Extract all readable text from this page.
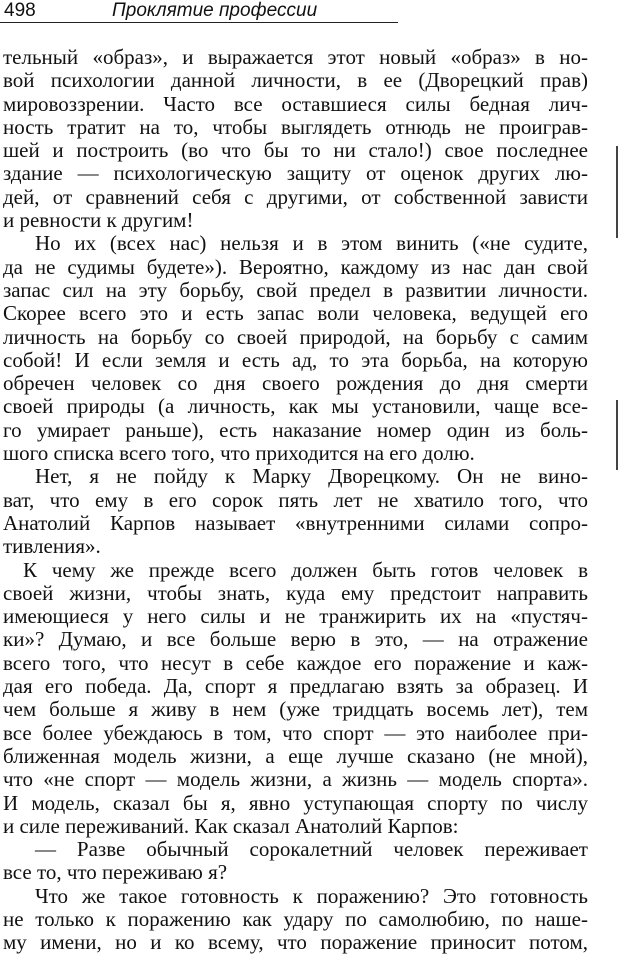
498	Проклятие профессии
тельный «образ», и выражается этот новый «образ» в но-
вой психологии данной личности, в ее (Дворецкий прав)
мировоззрении. Часто все оставшиеся силы бедная лич-
ность тратит на то, чтобы выглядеть отнюдь не проиграв-
шей и построить (во что бы то ни стало!) свое последнее
здание — психологическую защиту от оценок других лю-
дей, от сравнений себя с другими, от собственной зависти
и ревности к другим!
Но их (всех нас) нельзя и в этом винить («не судите,
да не судимы будете»). Вероятно, каждому из нас дан свой
запас сил на эту борьбу, свой предел в развитии личности.
Скорее всего это и есть запас воли человека, ведущей его
личность на борьбу со своей природой, на борьбу с самим
собой! И если земля и есть ад, то эта борьба, на которую
обречен человек со дня своего рождения до дня смерти
своей природы (а личность, как мы установили, чаще все-
го умирает раньше), есть наказание номер один из боль-
шого списка всего того, что приходится на его долю.
Нет, я не пойду к Марку Дворецкому. Он не вино-
ват, что ему в его сорок пять лет не хватило того, что
Анатолий Карпов называет «внутренними силами сопро-
тивления».
К чему же прежде всего должен быть готов человек в
своей жизни, чтобы знать, куда ему предстоит направить
имеющиеся у него силы и не транжирить их на «пустяч-
ки»? Думаю, и все больше верю в это, — на отражение
всего того, что несут в себе каждое его поражение и каж-
дая его победа. Да, спорт я предлагаю взять за образец. И
чем больше я живу в нем (уже тридцать восемь лет), тем
все более убеждаюсь в том, что спорт — это наиболее при-
ближенная модель жизни, а еще лучше сказано (не мной),
что «не спорт — модель жизни, а жизнь — модель спорта».
И модель, сказал бы я, явно уступающая спорту по числу
и силе переживаний. Как сказал Анатолий Карпов:
— Разве обычный сорокалетний человек переживает
все то, что переживаю я?
Что же такое готовность к поражению? Это готовность
не только к поражению как удару по самолюбию, по наше-
му имени, но и ко всему, что поражение приносит потом,
